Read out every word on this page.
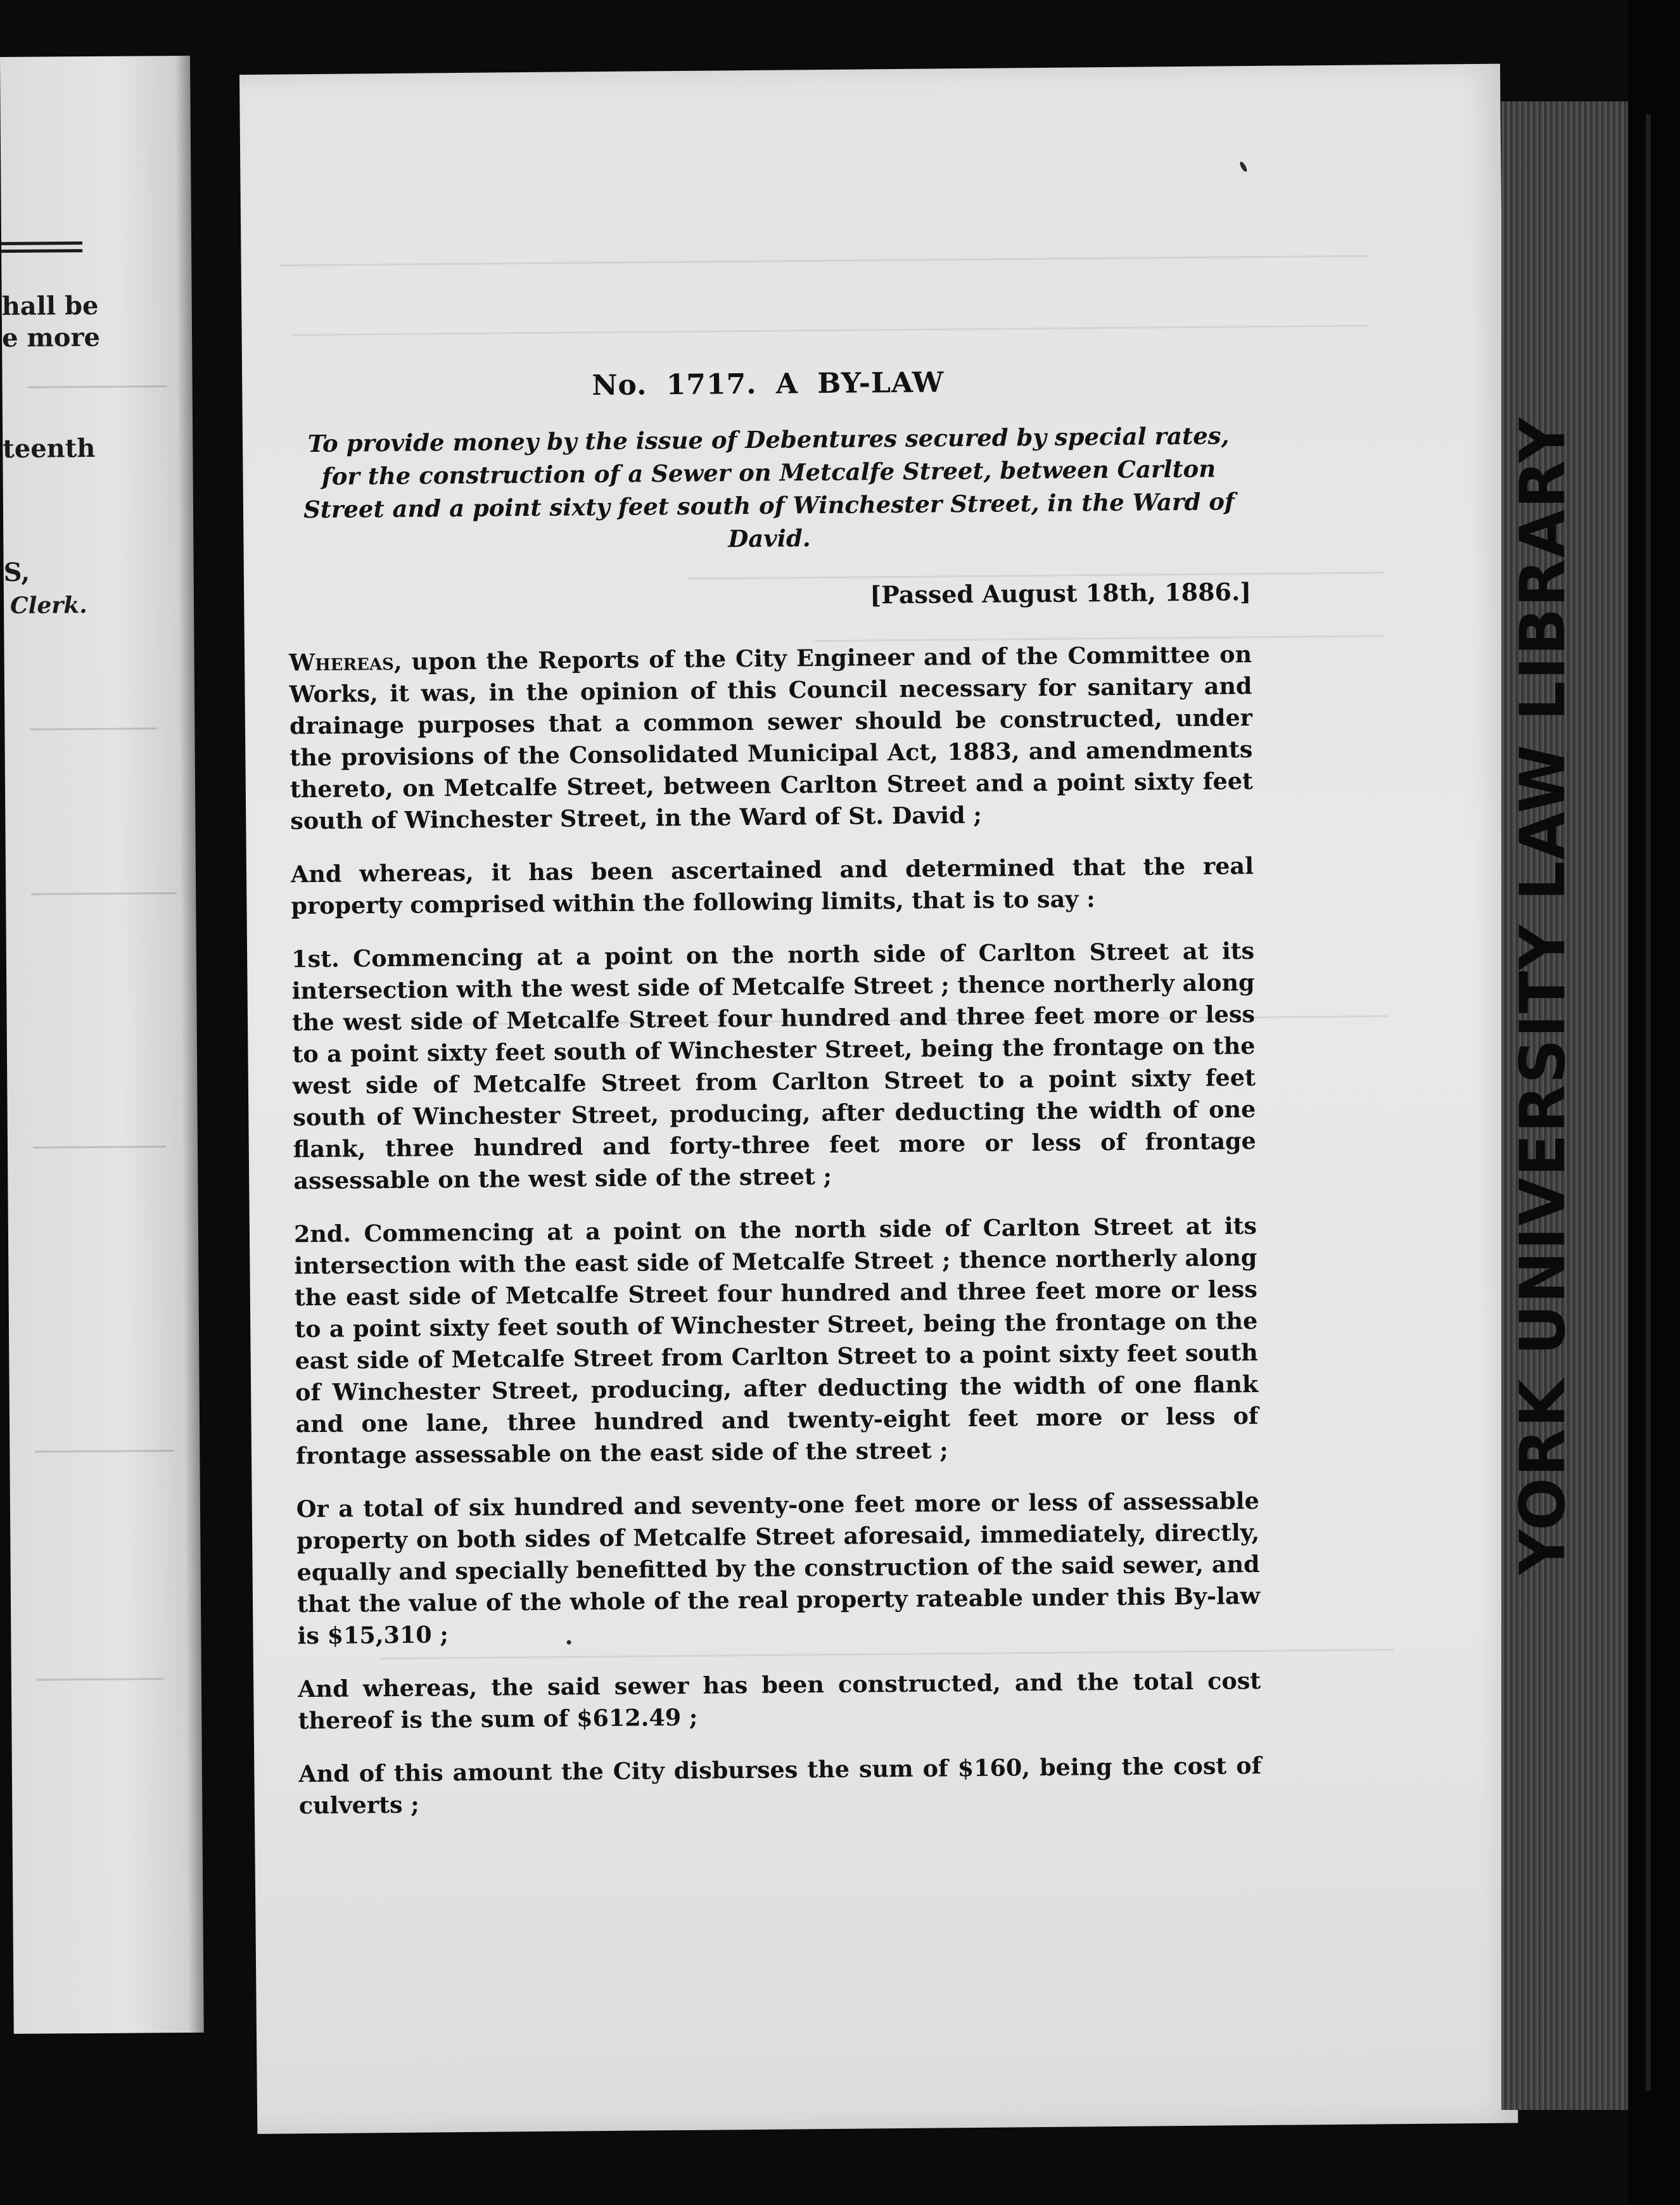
hall be
e more
teenth
S,
Clerk.
No. 1717. A BY-LAW
To provide money by the issue of Debentures secured by special rates, for the construction of a Sewer on Metcalfe Street, between Carlton Street and a point sixty feet south of Winchester Street, in the Ward of David.
[Passed August 18th, 1886.]
Whereas, upon the Reports of the City Engineer and of the Committee on Works, it was, in the opinion of this Council necessary for sanitary and drainage purposes that a common sewer should be constructed, under the provisions of the Consolidated Municipal Act, 1883, and amendments thereto, on Metcalfe Street, between Carlton Street and a point sixty feet south of Winchester Street, in the Ward of St. David ;
And whereas, it has been ascertained and determined that the real property comprised within the following limits, that is to say :
1st. Commencing at a point on the north side of Carlton Street at its intersection with the west side of Metcalfe Street ; thence northerly along the west side of Metcalfe Street four hundred and three feet more or less to a point sixty feet south of Winchester Street, being the frontage on the west side of Metcalfe Street from Carlton Street to a point sixty feet south of Winchester Street, producing, after deducting the width of one flank, three hundred and forty-three feet more or less of frontage assessable on the west side of the street ;
2nd. Commencing at a point on the north side of Carlton Street at its intersection with the east side of Metcalfe Street ; thence northerly along the east side of Metcalfe Street four hundred and three feet more or less to a point sixty feet south of Winchester Street, being the frontage on the east side of Metcalfe Street from Carlton Street to a point sixty feet south of Winchester Street, producing, after deducting the width of one flank and one lane, three hundred and twenty-eight feet more or less of frontage assessable on the east side of the street ;
Or a total of six hundred and seventy-one feet more or less of assessable property on both sides of Metcalfe Street aforesaid, immediately, directly, equally and specially benefitted by the construction of the said sewer, and that the value of the whole of the real property rateable under this By-law is $15,310 ;
And whereas, the said sewer has been constructed, and the total cost thereof is the sum of $612.49 ;
And of this amount the City disburses the sum of $160, being the cost of culverts ;
YORK UNIVERSITY LAW LIBRARY
